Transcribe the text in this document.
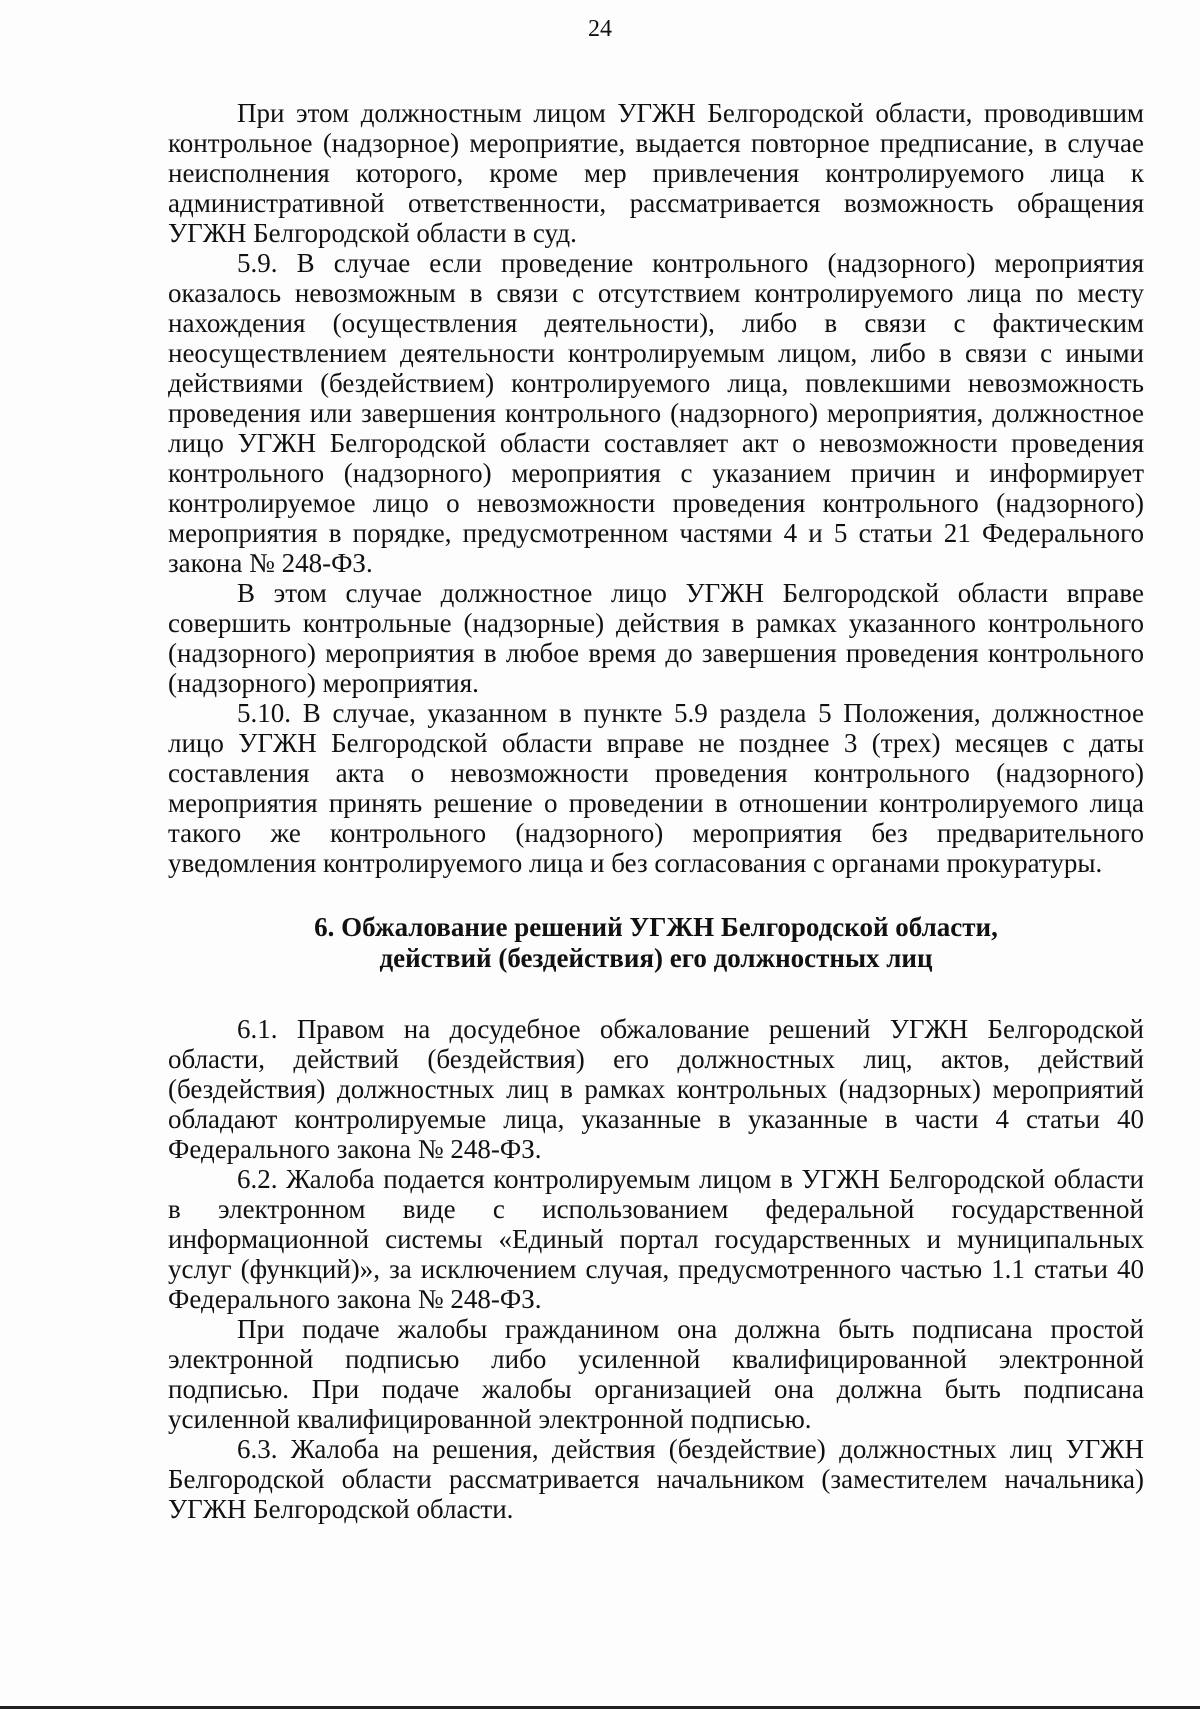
24

При этом должностным лицом УГЖН Белгородской области, проводившим контрольное (надзорное) мероприятие, выдается повторное предписание, в случае неисполнения которого, кроме мер привлечения контролируемого лица к административной ответственности, рассматривается возможность обращения УГЖН Белгородской области в суд.

5.9. В случае если проведение контрольного (надзорного) мероприятия оказалось невозможным в связи с отсутствием контролируемого лица по месту нахождения (осуществления деятельности), либо в связи с фактическим неосуществлением деятельности контролируемым лицом, либо в связи с иными действиями (бездействием) контролируемого лица, повлекшими невозможность проведения или завершения контрольного (надзорного) мероприятия, должностное лицо УГЖН Белгородской области составляет акт о невозможности проведения контрольного (надзорного) мероприятия с указанием причин и информирует контролируемое лицо о невозможности проведения контрольного (надзорного) мероприятия в порядке, предусмотренном частями 4 и 5 статьи 21 Федерального закона № 248-ФЗ.

В этом случае должностное лицо УГЖН Белгородской области вправе совершить контрольные (надзорные) действия в рамках указанного контрольного (надзорного) мероприятия в любое время до завершения проведения контрольного (надзорного) мероприятия.

5.10. В случае, указанном в пункте 5.9 раздела 5 Положения, должностное лицо УГЖН Белгородской области вправе не позднее 3 (трех) месяцев с даты составления акта о невозможности проведения контрольного (надзорного) мероприятия принять решение о проведении в отношении контролируемого лица такого же контрольного (надзорного) мероприятия без предварительного уведомления контролируемого лица и без согласования с органами прокуратуры.

6. Обжалование решений УГЖН Белгородской области,
действий (бездействия) его должностных лиц

6.1. Правом на досудебное обжалование решений УГЖН Белгородской области, действий (бездействия) его должностных лиц, актов, действий (бездействия) должностных лиц в рамках контрольных (надзорных) мероприятий обладают контролируемые лица, указанные в указанные в части 4 статьи 40 Федерального закона № 248-ФЗ.

6.2. Жалоба подается контролируемым лицом в УГЖН Белгородской области в электронном виде с использованием федеральной государственной информационной системы «Единый портал государственных и муниципальных услуг (функций)», за исключением случая, предусмотренного частью 1.1 статьи 40 Федерального закона № 248-ФЗ.

При подаче жалобы гражданином она должна быть подписана простой электронной подписью либо усиленной квалифицированной электронной подписью. При подаче жалобы организацией она должна быть подписана усиленной квалифицированной электронной подписью.

6.3. Жалоба на решения, действия (бездействие) должностных лиц УГЖН Белгородской области рассматривается начальником (заместителем начальника) УГЖН Белгородской области.
